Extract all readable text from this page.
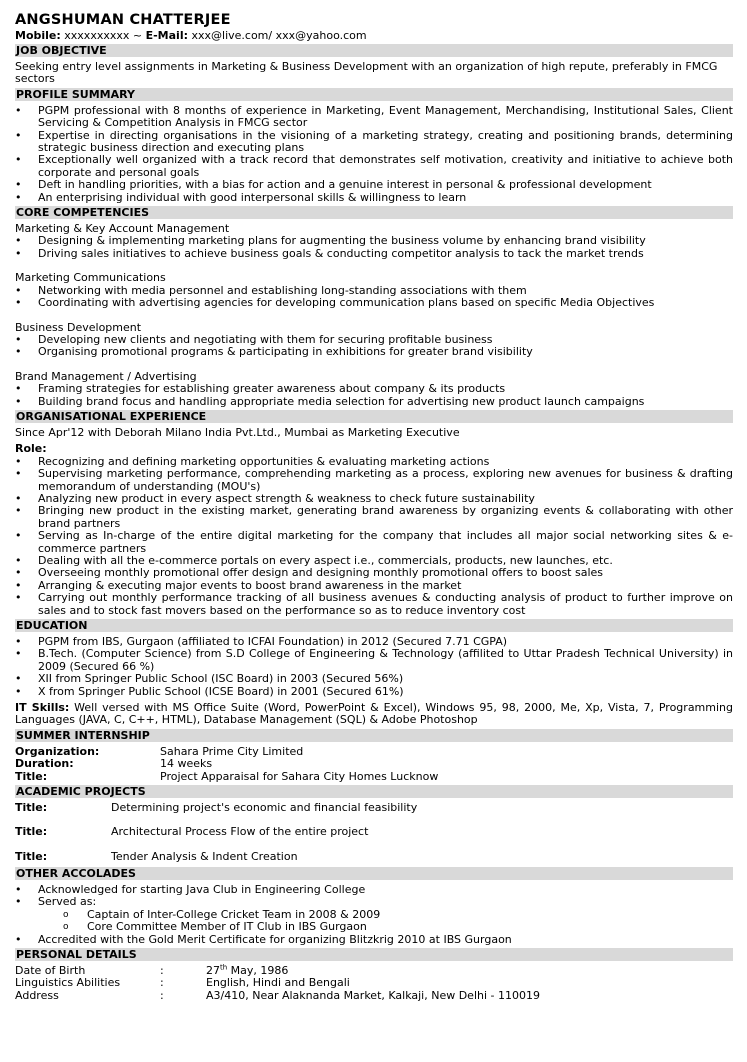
ANGSHUMAN CHATTERJEE
Mobile: xxxxxxxxxx ~ E-Mail: xxx@live.com/ xxx@yahoo.com
JOB OBJECTIVE

Seeking entry level assignments in Marketing & Business Development with an organization of high repute, preferably in FMCG sectors

PROFILE SUMMARY
• PGPM professional with 8 months of experience in Marketing, Event Management, Merchandising, Institutional Sales, Client Servicing & Competition Analysis in FMCG sector
• Expertise in directing organisations in the visioning of a marketing strategy, creating and positioning brands, determining strategic business direction and executing plans
• Exceptionally well organized with a track record that demonstrates self motivation, creativity and initiative to achieve both corporate and personal goals
• Deft in handling priorities, with a bias for action and a genuine interest in personal & professional development
• An enterprising individual with good interpersonal skills & willingness to learn
CORE COMPETENCIES

Marketing & Key Account Management

• Designing & implementing marketing plans for augmenting the business volume by enhancing brand visibility
• Driving sales initiatives to achieve business goals & conducting competitor analysis to tack the market trends

Marketing Communications

• Networking with media personnel and establishing long-standing associations with them
• Coordinating with advertising agencies for developing communication plans based on specific Media Objectives

Business Development

• Developing new clients and negotiating with them for securing profitable business
• Organising promotional programs & participating in exhibitions for greater brand visibility

Brand Management / Advertising

• Framing strategies for establishing greater awareness about company & its products
• Building brand focus and handling appropriate media selection for advertising new product launch campaigns
ORGANISATIONAL EXPERIENCE

Since Apr'12 with Deborah Milano India Pvt.Ltd., Mumbai as Marketing Executive

Role:

• Recognizing and defining marketing opportunities & evaluating marketing actions
• Supervising marketing performance, comprehending marketing as a process, exploring new avenues for business & drafting memorandum of understanding (MOU's)
• Analyzing new product in every aspect strength & weakness to check future sustainability
• Bringing new product in the existing market, generating brand awareness by organizing events & collaborating with other brand partners
• Serving as In-charge of the entire digital marketing for the company that includes all major social networking sites & e-commerce partners
• Dealing with all the e-commerce portals on every aspect i.e., commercials, products, new launches, etc.
• Overseeing monthly promotional offer design and designing monthly promotional offers to boost sales
• Arranging & executing major events to boost brand awareness in the market
• Carrying out monthly performance tracking of all business avenues & conducting analysis of product to further improve on sales and to stock fast movers based on the performance so as to reduce inventory cost
EDUCATION
• PGPM from IBS, Gurgaon (affiliated to ICFAI Foundation) in 2012 (Secured 7.71 CGPA)
• B.Tech. (Computer Science) from S.D College of Engineering & Technology (affilited to Uttar Pradesh Technical University) in 2009 (Secured 66 %)
• XII from Springer Public School (ISC Board) in 2003 (Secured 56%)
• X from Springer Public School (ICSE Board) in 2001 (Secured 61%)

IT Skills: Well versed with MS Office Suite (Word, PowerPoint & Excel), Windows 95, 98, 2000, Me, Xp, Vista, 7, Programming Languages (JAVA, C, C++, HTML), Database Management (SQL) & Adobe Photoshop

SUMMER INTERNSHIP
Organization:	Sahara Prime City Limited
Duration:	14 weeks
Title:	Project Apparaisal for Sahara City Homes Lucknow
ACADEMIC PROJECTS
Title:	Determining project's economic and financial feasibility
Title:	Architectural Process Flow of the entire project
Title:	Tender Analysis & Indent Creation
OTHER ACCOLADES
• Acknowledged for starting Java Club in Engineering College
• Served as:
o Captain of Inter-College Cricket Team in 2008 & 2009
o Core Committee Member of IT Club in IBS Gurgaon
• Accredited with the Gold Merit Certificate for organizing Blitzkrig 2010 at IBS Gurgaon
PERSONAL DETAILS
Date of Birth	:	27th May, 1986
Linguistics Abilities	:	English, Hindi and Bengali
Address	:	A3/410, Near Alaknanda Market, Kalkaji, New Delhi - 110019
